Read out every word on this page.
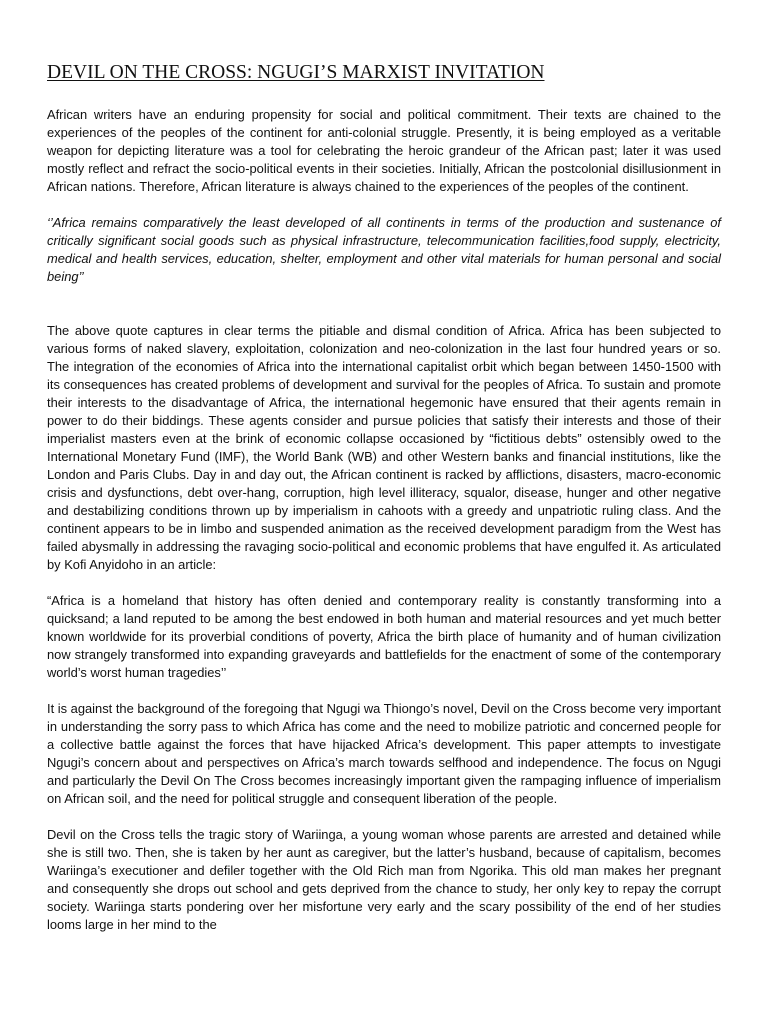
DEVIL ON THE CROSS: NGUGI’S MARXIST INVITATION

African writers have an enduring propensity for social and political commitment. Their texts are chained to the experiences of the peoples of the continent for anti-colonial struggle. Presently, it is being employed as a veritable weapon for depicting literature was a tool for celebrating the heroic grandeur of the African past; later it was used mostly reflect and refract the socio-political events in their societies. Initially, African the postcolonial disillusionment in African nations. Therefore, African literature is always chained to the experiences of the peoples of the continent.

‘’Africa remains comparatively the least developed of all continents in terms of the production and sustenance of critically significant social goods such as physical infrastructure, telecommunication facilities,food supply, electricity, medical and health services, education, shelter, employment and other vital materials for human personal and social being’’

The above quote captures in clear terms the pitiable and dismal condition of Africa. Africa has been subjected to various forms of naked slavery, exploitation, colonization and neo-colonization in the last four hundred years or so. The integration of the economies of Africa into the international capitalist orbit which began between 1450-1500 with its consequences has created problems of development and survival for the peoples of Africa. To sustain and promote their interests to the disadvantage of Africa, the international hegemonic have ensured that their agents remain in power to do their biddings. These agents consider and pursue policies that satisfy their interests and those of their imperialist masters even at the brink of economic collapse occasioned by “fictitious debts” ostensibly owed to the International Monetary Fund (IMF), the World Bank (WB) and other Western banks and financial institutions, like the London and Paris Clubs. Day in and day out, the African continent is racked by afflictions, disasters, macro-economic crisis and dysfunctions, debt over-hang, corruption, high level illiteracy, squalor, disease, hunger and other negative and destabilizing conditions thrown up by imperialism in cahoots with a greedy and unpatriotic ruling class. And the continent appears to be in limbo and suspended animation as the received development paradigm from the West has failed abysmally in addressing the ravaging socio-political and economic problems that have engulfed it. As articulated by Kofi Anyidoho in an article:

“Africa is a homeland that history has often denied and contemporary reality is constantly transforming into a quicksand; a land reputed to be among the best endowed in both human and material resources and yet much better known worldwide for its proverbial conditions of poverty, Africa the birth place of humanity and of human civilization now strangely transformed into expanding graveyards and battlefields for the enactment of some of the contemporary world’s worst human tragedies’’

It is against the background of the foregoing that Ngugi wa Thiongo’s novel, Devil on the Cross become very important in understanding the sorry pass to which Africa has come and the need to mobilize patriotic and concerned people for a collective battle against the forces that have hijacked Africa’s development. This paper attempts to investigate Ngugi’s concern about and perspectives on Africa’s march towards selfhood and independence. The focus on Ngugi and particularly the Devil On The Cross becomes increasingly important given the rampaging influence of imperialism on African soil, and the need for political struggle and consequent liberation of the people.

Devil on the Cross tells the tragic story of Wariinga, a young woman whose parents are arrested and detained while she is still two. Then, she is taken by her aunt as caregiver, but the latter’s husband, because of capitalism, becomes Wariinga’s executioner and defiler together with the Old Rich man from Ngorika. This old man makes her pregnant and consequently she drops out school and gets deprived from the chance to study, her only key to repay the corrupt society. Wariinga starts pondering over her misfortune very early and the scary possibility of the end of her studies looms large in her mind to the
